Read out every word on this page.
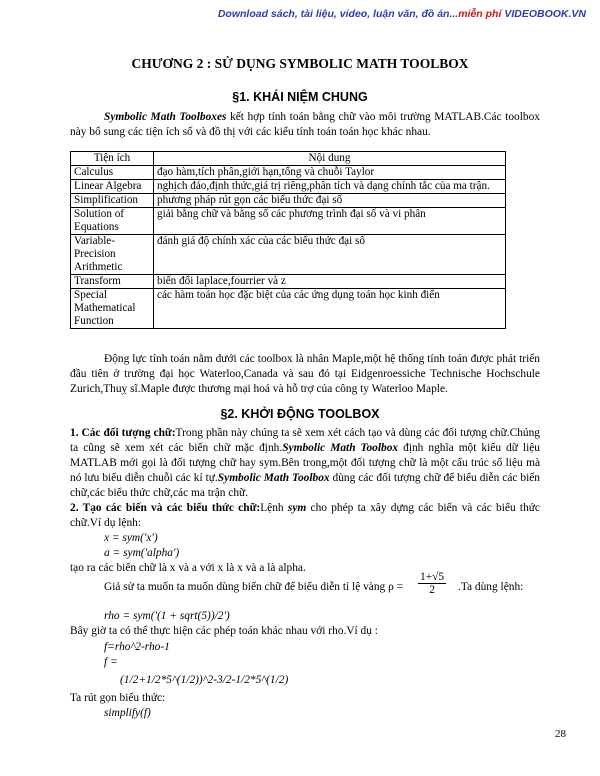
Download sách, tài liệu, video, luận văn, đồ án...miễn phí VIDEOBOOK.VN
CHƯƠNG 2 : SỬ DỤNG SYMBOLIC MATH TOOLBOX
§1. KHÁI NIỆM CHUNG
Symbolic Math Toolboxes kết hợp tính toán bằng chữ vào môi trường MATLAB.Các toolbox này bổ sung các tiện ích số và đồ thị với các kiểu tính toán toán học khác nhau.
Tiện ích	Nội dung
Calculus	đạo hàm,tích phân,giới hạn,tổng và chuỗi Taylor
Linear Algebra	nghịch đảo,định thức,giá trị riêng,phân tích và dạng chính tắc của ma trận.
Simplification	phương pháp rút gọn các biểu thức đại số
Solution of Equations	giải bằng chữ và bằng số các phương trình đại số và vi phân
Variable-Precision Arithmetic	đánh giá độ chính xác của các biểu thức đại số
Transform	biến đổi laplace,fourrier và z
Special Mathematical Function	các hàm toán học đặc biệt của các ứng dụng toán học kinh điển
Động lực tính toán nằm dưới các toolbox là nhân Maple,một hệ thống tính toán được phát triển đầu tiên ở trường đại học Waterloo,Canada và sau đó tại Eidgenroessiche Technische Hochschule Zurich,Thuỵ sĩ.Maple được thương mại hoá và hỗ trợ của công ty Waterloo Maple.
§2. KHỞI ĐỘNG TOOLBOX
1. Các đối tượng chữ:Trong phần này chúng ta sẽ xem xét cách tạo và dùng các đối tượng chữ.Chúng ta cũng sẽ xem xét các biến chữ mặc định.Symbolic Math Toolbox định nghĩa một kiểu dữ liệu MATLAB mới gọi là đối tượng chữ hay sym.Bên trong,một đối tượng chữ là một cấu trúc số liệu mà nó lưu biểu diễn chuỗi các kí tự.Symbolic Math Toolbox dùng các đối tượng chữ để biểu diễn các biến chữ,các biểu thức chữ,các ma trận chữ.
2. Tạo các biến và các biểu thức chữ:Lệnh sym cho phép ta xây dựng các biến và các biểu thức chữ.Ví dụ lệnh:
x = sym('x')
a = sym('alpha')
tạo ra các biến chữ là x và a với x là x và a là alpha.
Giả sử ta muốn ta muốn dùng biến chữ để biểu diễn tỉ lệ vàng $\rho = \frac{1+√5}{2} .Ta$ dùng lệnh:
rho = sym('(1 + sqrt(5))/2')
Bây giờ ta có thể thực hiện các phép toán khác nhau với rho.Ví dụ :
f=rho^2-rho-1
f =
(1/2+1/2*5^(1/2))^2-3/2-1/2*5^(1/2)
Ta rút gọn biểu thức:
simplify(f)
28
